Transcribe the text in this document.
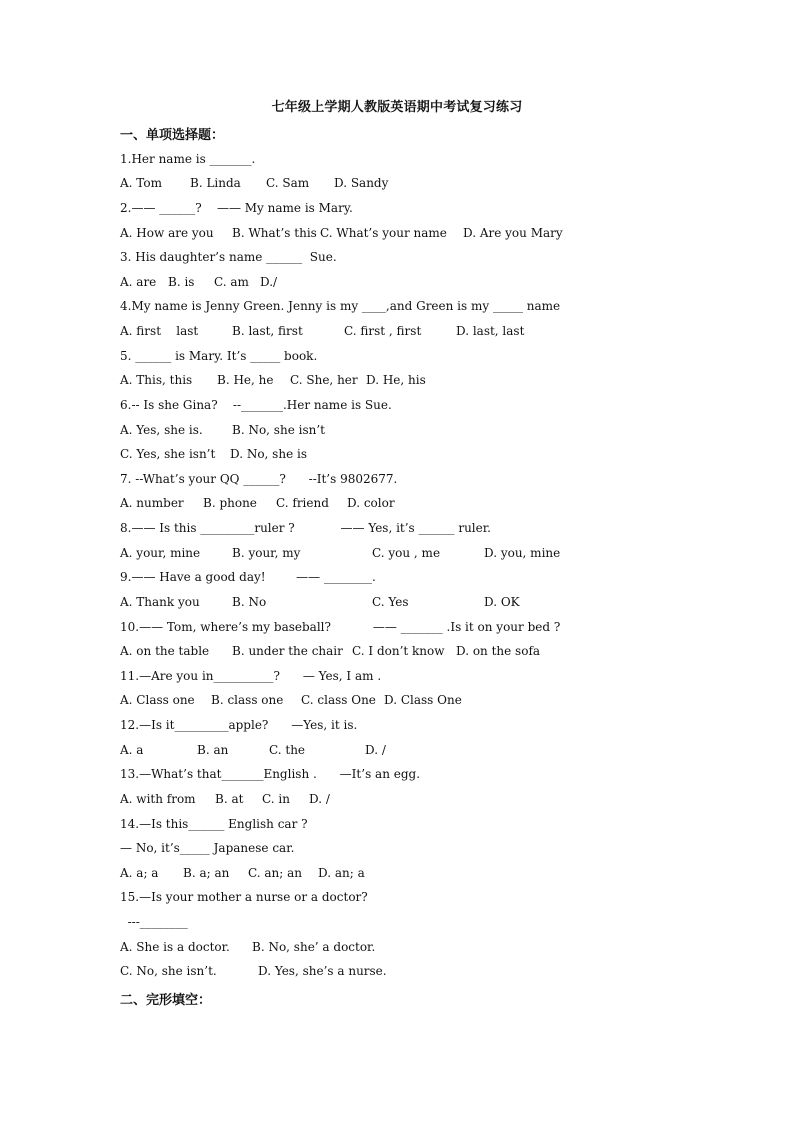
七年级上学期人教版英语期中考试复习练习
一、单项选择题：
1.Her name is _______.
A. Tom B. Linda C. Sam D. Sandy
2.—— ______?    —— My name is Mary.
A. How are you B. What’s this C. What’s your name D. Are you Mary
3. His daughter’s name ______  Sue.
A. are B. is C. am D./
4.My name is Jenny Green. Jenny is my ____,and Green is my _____ name
A. first    last	B. last, first	C. first , first	D. last, last
5. ______ is Mary. It’s _____ book.
A. This, this B. He, he C. She, her D. He, his
6.-- Is she Gina?    --_______.Her name is Sue.
A. Yes, she is. B. No, she isn’t
C. Yes, she isn’t D. No, she is
7. --What’s your QQ ______?      --It’s 9802677.
A. number B. phone C. friend D. color
8.—— Is this _________ruler ?            —— Yes, it’s ______ ruler.
A. your, mine	B. your, my	C. you , me	D. you, mine
9.—— Have a good day!        —— ________.
A. Thank you	B. No	C. Yes	D. OK
10.—— Tom, where’s my baseball?           —— _______ .Is it on your bed ?
A. on the table B. under the chair C. I don’t know D. on the sofa
11.—Are you in__________?      — Yes, I am .
A. Class one B. class one C. class One D. Class One
12.—Is it_________apple?      —Yes, it is.
A. a	B. an	C. the	D. /
13.—What’s that_______English .      —It’s an egg.
A. with from B. at C. in D. /
14.—Is this______ English car ?
— No, it’s_____ Japanese car.
A. a; a B. a; an C. an; an D. an; a
15.—Is your mother a nurse or a doctor?
---________
A. She is a doctor. B. No, she’ a doctor.
C. No, she isn’t.	D. Yes, she’s a nurse.
二、完形填空：
